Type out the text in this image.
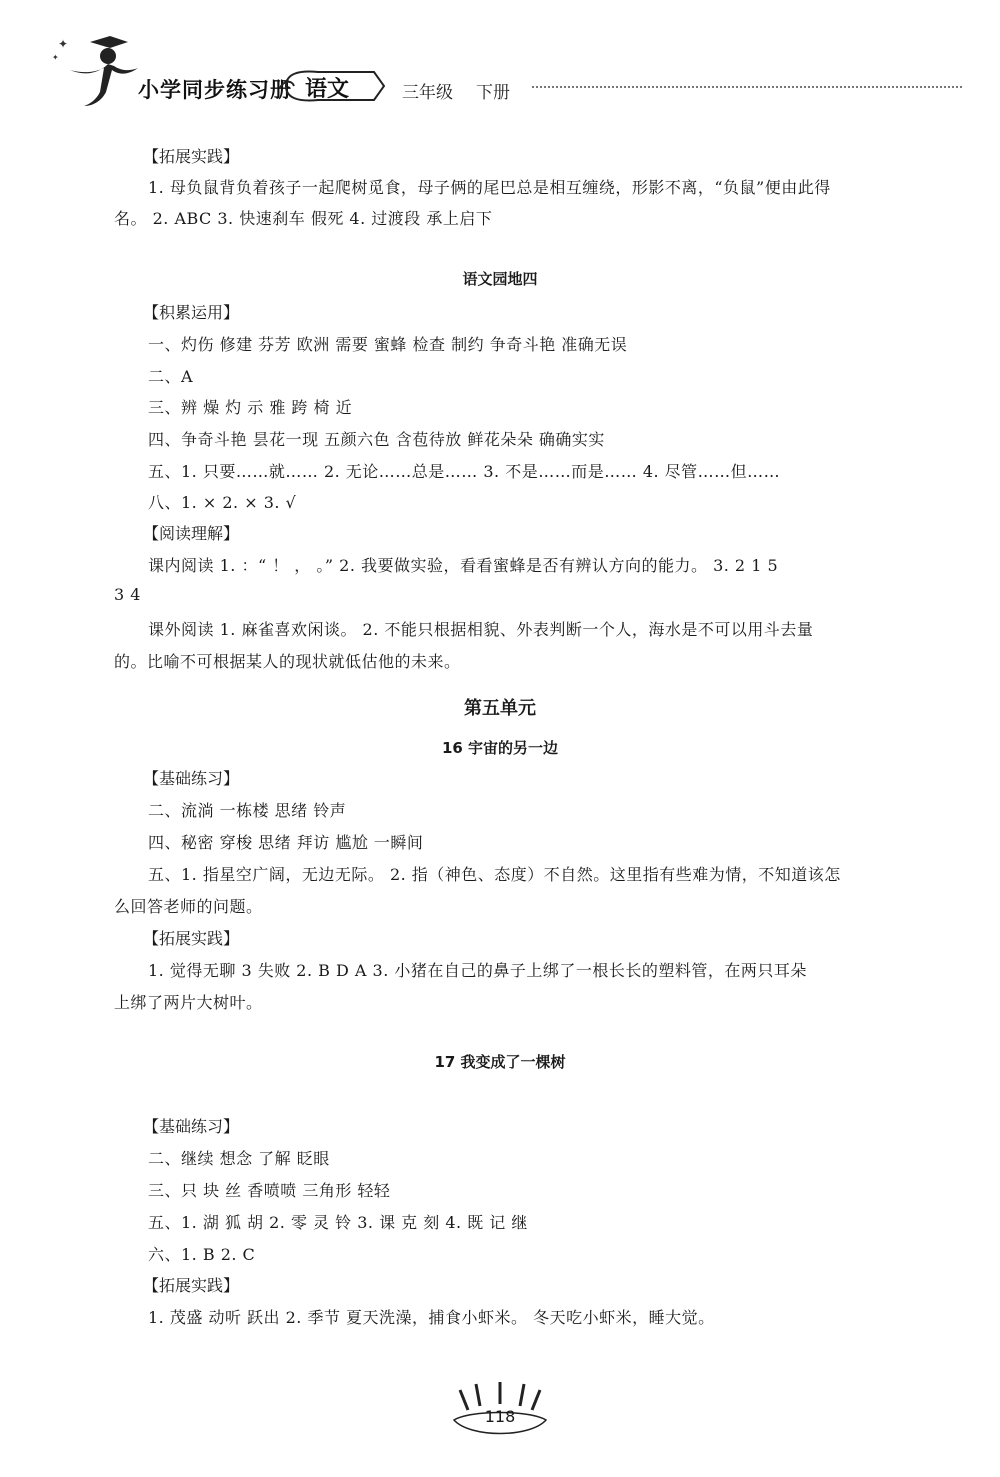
✦
✦
小学同步练习册 语文	三年级 下册
【拓展实践】
1. 母负鼠背负着孩子一起爬树觅食，母子俩的尾巴总是相互缠绕，形影不离，“负鼠”便由此得
名。 2. ABC 3. 快速刹车 假死 4. 过渡段 承上启下
语文园地四
【积累运用】
一、灼伤 修建 芬芳 欧洲 需要 蜜蜂 检查 制约 争奇斗艳 准确无误
二、A
三、辨 燥 灼 示 雅 跨 椅 近
四、争奇斗艳 昙花一现 五颜六色 含苞待放 鲜花朵朵 确确实实
五、1. 只要……就…… 2. 无论……总是…… 3. 不是……而是…… 4. 尽管……但……
八、1. × 2. × 3. √
【阅读理解】
课内阅读 1. ：“ ！ ， 。” 2. 我要做实验，看看蜜蜂是否有辨认方向的能力。 3. 2 1 5
3 4
课外阅读 1. 麻雀喜欢闲谈。 2. 不能只根据相貌、外表判断一个人，海水是不可以用斗去量
的。比喻不可根据某人的现状就低估他的未来。
第五单元
16 宇宙的另一边
【基础练习】
二、流淌 一栋楼 思绪 铃声
四、秘密 穿梭 思绪 拜访 尴尬 一瞬间
五、1. 指星空广阔，无边无际。 2. 指（神色、态度）不自然。这里指有些难为情，不知道该怎
么回答老师的问题。
【拓展实践】
1. 觉得无聊 3 失败 2. B D A 3. 小猪在自己的鼻子上绑了一根长长的塑料管，在两只耳朵
上绑了两片大树叶。
17 我变成了一棵树
【基础练习】
二、继续 想念 了解 眨眼
三、只 块 丝 香喷喷 三角形 轻轻
五、1. 湖 狐 胡 2. 零 灵 铃 3. 课 克 刻 4. 既 记 继
六、1. B 2. C
【拓展实践】
1. 茂盛 动听 跃出 2. 季节 夏天洗澡，捕食小虾米。 冬天吃小虾米，睡大觉。
118
